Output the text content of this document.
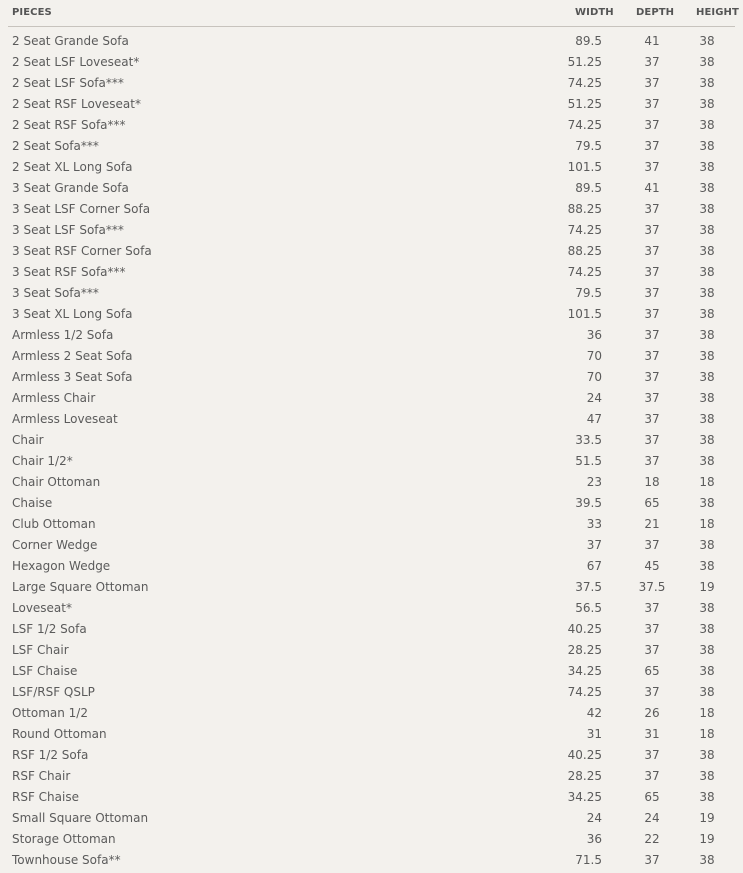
PIECES	WIDTH DEPTH HEIGHT
2 Seat Grande Sofa	89.5	41	38
2 Seat LSF Loveseat*	51.25	37	38
2 Seat LSF Sofa***	74.25	37	38
2 Seat RSF Loveseat*	51.25	37	38
2 Seat RSF Sofa***	74.25	37	38
2 Seat Sofa***	79.5	37	38
2 Seat XL Long Sofa	101.5	37	38
3 Seat Grande Sofa	89.5	41	38
3 Seat LSF Corner Sofa	88.25	37	38
3 Seat LSF Sofa***	74.25	37	38
3 Seat RSF Corner Sofa	88.25	37	38
3 Seat RSF Sofa***	74.25	37	38
3 Seat Sofa***	79.5	37	38
3 Seat XL Long Sofa	101.5	37	38
Armless 1/2 Sofa	36	37	38
Armless 2 Seat Sofa	70	37	38
Armless 3 Seat Sofa	70	37	38
Armless Chair	24	37	38
Armless Loveseat	47	37	38
Chair	33.5	37	38
Chair 1/2*	51.5	37	38
Chair Ottoman	23	18	18
Chaise	39.5	65	38
Club Ottoman	33	21	18
Corner Wedge	37	37	38
Hexagon Wedge	67	45	38
Large Square Ottoman	37.5	37.5	19
Loveseat*	56.5	37	38
LSF 1/2 Sofa	40.25	37	38
LSF Chair	28.25	37	38
LSF Chaise	34.25	65	38
LSF/RSF QSLP	74.25	37	38
Ottoman 1/2	42	26	18
Round Ottoman	31	31	18
RSF 1/2 Sofa	40.25	37	38
RSF Chair	28.25	37	38
RSF Chaise	34.25	65	38
Small Square Ottoman	24	24	19
Storage Ottoman	36	22	19
Townhouse Sofa**	71.5	37	38
